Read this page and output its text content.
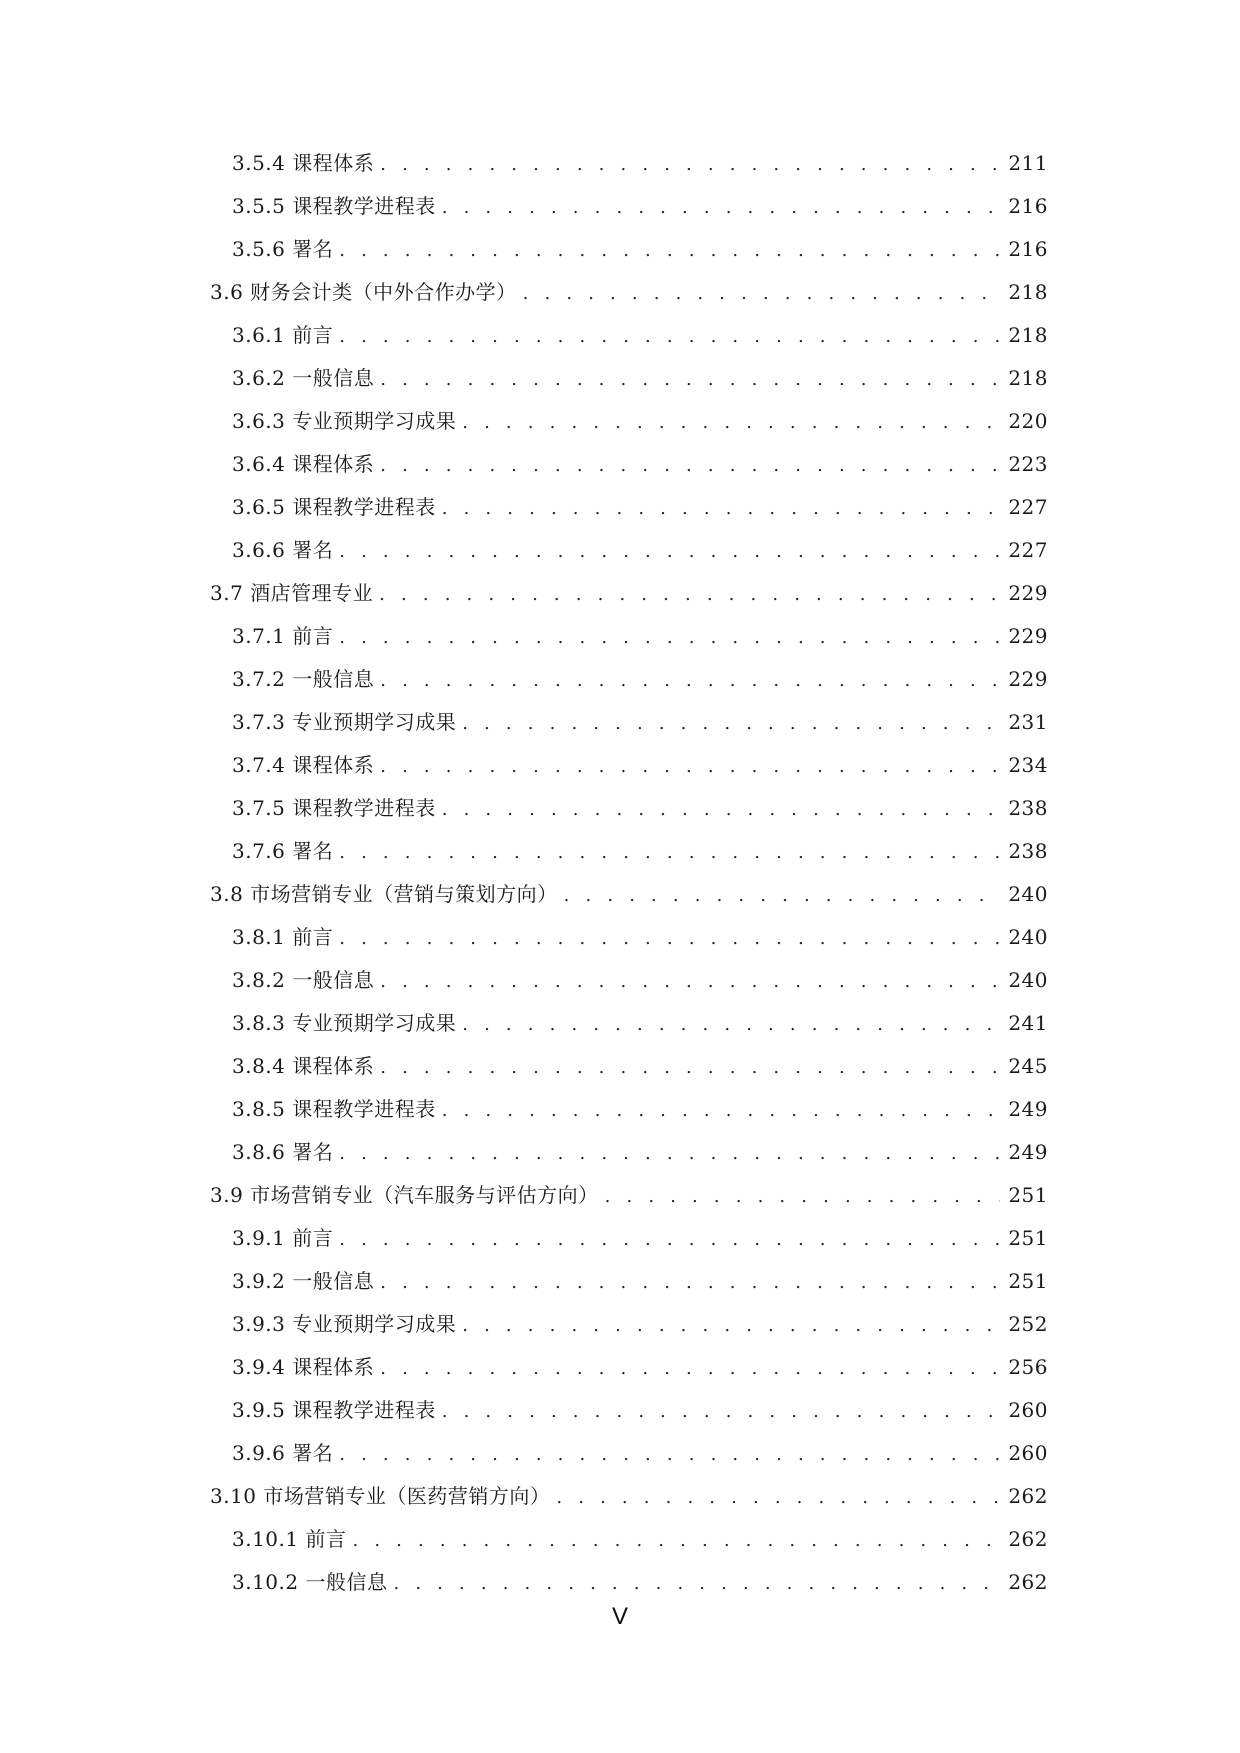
3.5.4 课程体系 . . .	211
3.5.5 课程教学进程表 . . .	216
3.5.6 署名 . . .	216
3.6 财务会计类（中外合作办学） . . .	218
3.6.1 前言 . . .	218
3.6.2 一般信息 . . .	218
3.6.3 专业预期学习成果 . . .	220
3.6.4 课程体系 . . .	223
3.6.5 课程教学进程表 . . .	227
3.6.6 署名 . . .	227
3.7 酒店管理专业 . . .	229
3.7.1 前言 . . .	229
3.7.2 一般信息 . . .	229
3.7.3 专业预期学习成果 . . .	231
3.7.4 课程体系 . . .	234
3.7.5 课程教学进程表 . . .	238
3.7.6 署名 . . .	238
3.8 市场营销专业（营销与策划方向） . . .	240
3.8.1 前言 . . .	240
3.8.2 一般信息 . . .	240
3.8.3 专业预期学习成果 . . .	241
3.8.4 课程体系 . . .	245
3.8.5 课程教学进程表 . . .	249
3.8.6 署名 . . .	249
3.9 市场营销专业（汽车服务与评估方向） . . .	251
3.9.1 前言 . . .	251
3.9.2 一般信息 . . .	251
3.9.3 专业预期学习成果 . . .	252
3.9.4 课程体系 . . .	256
3.9.5 课程教学进程表 . . .	260
3.9.6 署名 . . .	260
3.10 市场营销专业（医药营销方向） . . .	262
3.10.1 前言 . . .	262
3.10.2 一般信息 . . .	262
V
